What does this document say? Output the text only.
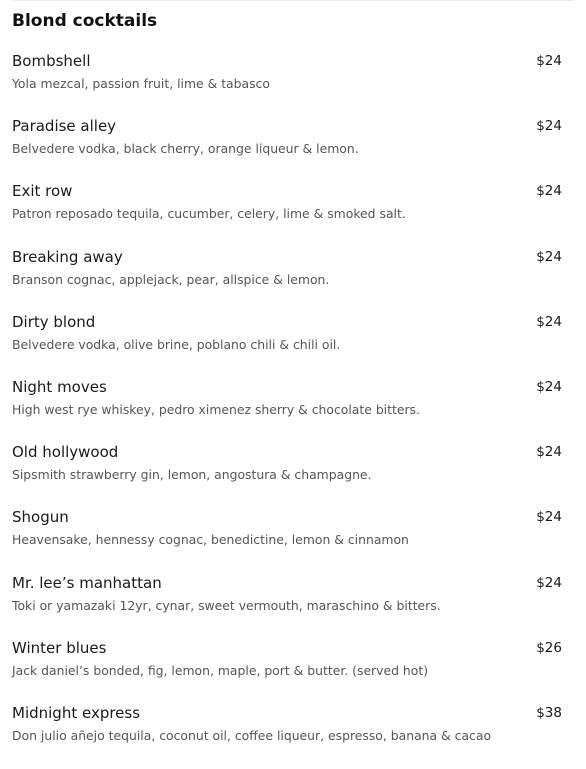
Blond cocktails
Bombshell	$24
Yola mezcal, passion fruit, lime & tabasco
Paradise alley	$24
Belvedere vodka, black cherry, orange liqueur & lemon.
Exit row	$24
Patron reposado tequila, cucumber, celery, lime & smoked salt.
Breaking away	$24
Branson cognac, applejack, pear, allspice & lemon.
Dirty blond	$24
Belvedere vodka, olive brine, poblano chili & chili oil.
Night moves	$24
High west rye whiskey, pedro ximenez sherry & chocolate bitters.
Old hollywood	$24
Sipsmith strawberry gin, lemon, angostura & champagne.
Shogun	$24
Heavensake, hennessy cognac, benedictine, lemon & cinnamon
Mr. lee’s manhattan	$24
Toki or yamazaki 12yr, cynar, sweet vermouth, maraschino & bitters.
Winter blues	$26
Jack daniel’s bonded, fig, lemon, maple, port & butter. (served hot)
Midnight express	$38
Don julio añejo tequila, coconut oil, coffee liqueur, espresso, banana & cacao
